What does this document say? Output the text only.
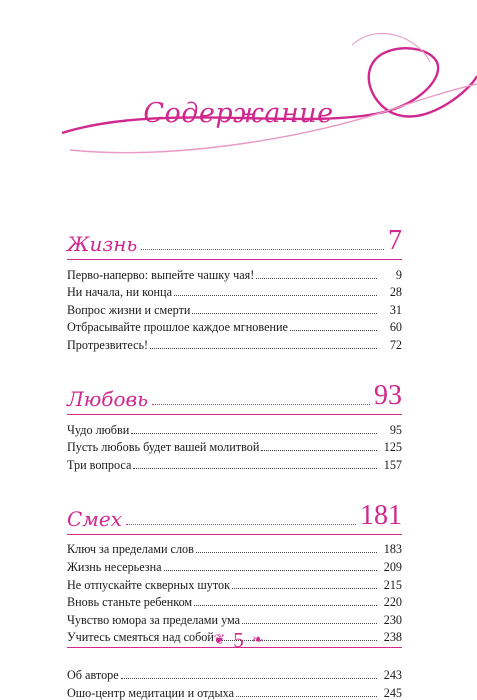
Содержание
Жизнь	7
Перво-наперво: выпейте чашку чая!	9
Ни начала, ни конца	28
Вопрос жизни и смерти	31
Отбрасывайте прошлое каждое мгновение	60
Протрезвитесь!	72
Любовь	93
Чудо любви	95
Пусть любовь будет вашей молитвой	125
Три вопроса	157
Смех	181
Ключ за пределами слов	183
Жизнь несерьезна	209
Не отпускайте скверных шуток	215
Вновь станьте ребенком	220
Чувство юмора за пределами ума	230
Учитесь смеяться над собой	238
Об авторе	243
Ошо-центр медитации и отдыха	245
❦ 5 ❧
